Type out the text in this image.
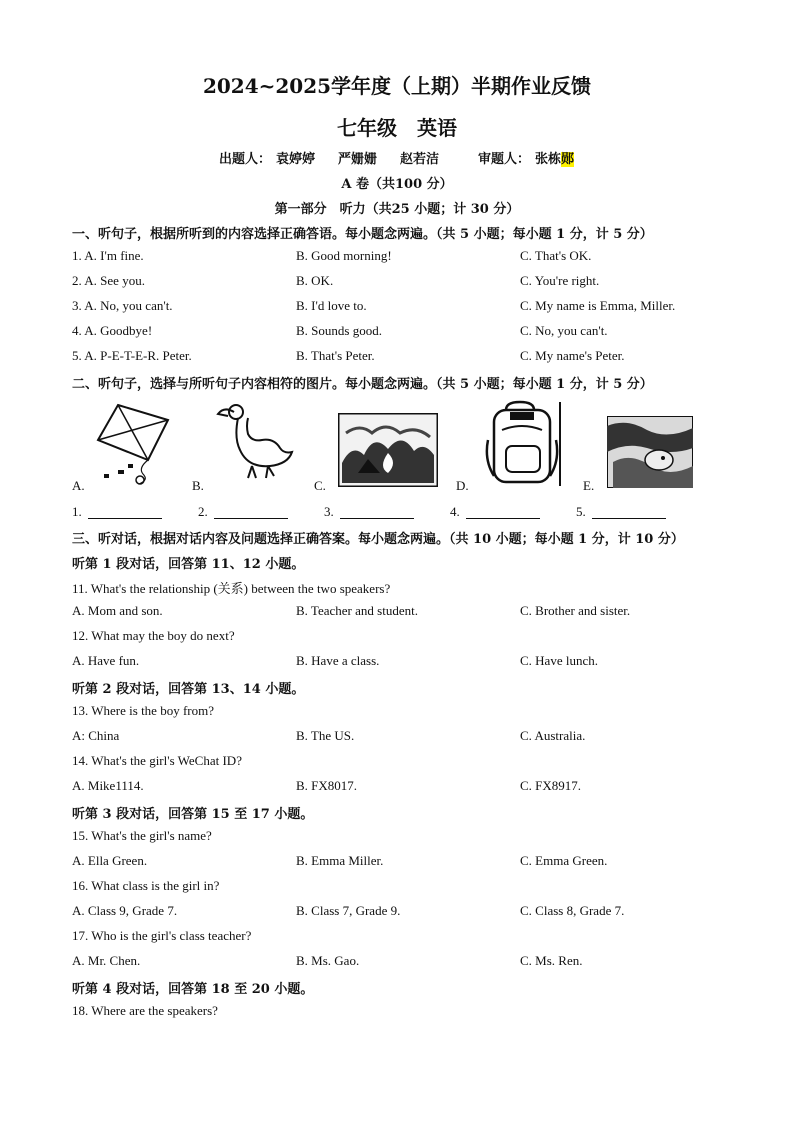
2024~2025学年度（上期）半期作业反馈
七年级　英语
出题人： 袁婷婷 严姗姗 赵若洁	审题人： 张栋郧
A 卷（共100 分）
第一部分　听力（共25 小题；计 30 分）
一、听句子，根据所听到的内容选择正确答语。每小题念两遍。（共 5 小题；每小题 1 分，计 5 分）
1. A. I'm fine.	B. Good morning!	C. That's OK.
2. A. See you.	B. OK.	C. You're right.
3. A. No, you can't.	B. I'd love to.	C. My name is Emma, Miller.
4. A. Goodbye!	B. Sounds good.	C. No, you can't.
5. A. P-E-T-E-R. Peter.	B. That's Peter.	C. My name's Peter.
二、听句子，选择与所听句子内容相符的图片。每小题念两遍。（共 5 小题；每小题 1 分，计 5 分）
A.	B.	C.	D.	E.
1.	2.	3.	4.	5.
三、听对话，根据对话内容及问题选择正确答案。每小题念两遍。（共 10 小题；每小题 1 分，计 10 分）
听第 1 段对话，回答第 11、12 小题。
11. What's the relationship (关系) between the two speakers?
A. Mom and son.	B. Teacher and student.	C. Brother and sister.
12. What may the boy do next?
A. Have fun.	B. Have a class.	C. Have lunch.
听第 2 段对话，回答第 13、14 小题。
13. Where is the boy from?
A: China	B. The US.	C. Australia.
14. What's the girl's WeChat ID?
A. Mike1114.	B. FX8017.	C. FX8917.
听第 3 段对话，回答第 15 至 17 小题。
15. What's the girl's name?
A. Ella Green.	B. Emma Miller.	C. Emma Green.
16. What class is the girl in?
A. Class 9, Grade 7.	B. Class 7, Grade 9.	C. Class 8, Grade 7.
17. Who is the girl's class teacher?
A. Mr. Chen.	B. Ms. Gao.	C. Ms. Ren.
听第 4 段对话，回答第 18 至 20 小题。
18. Where are the speakers?
